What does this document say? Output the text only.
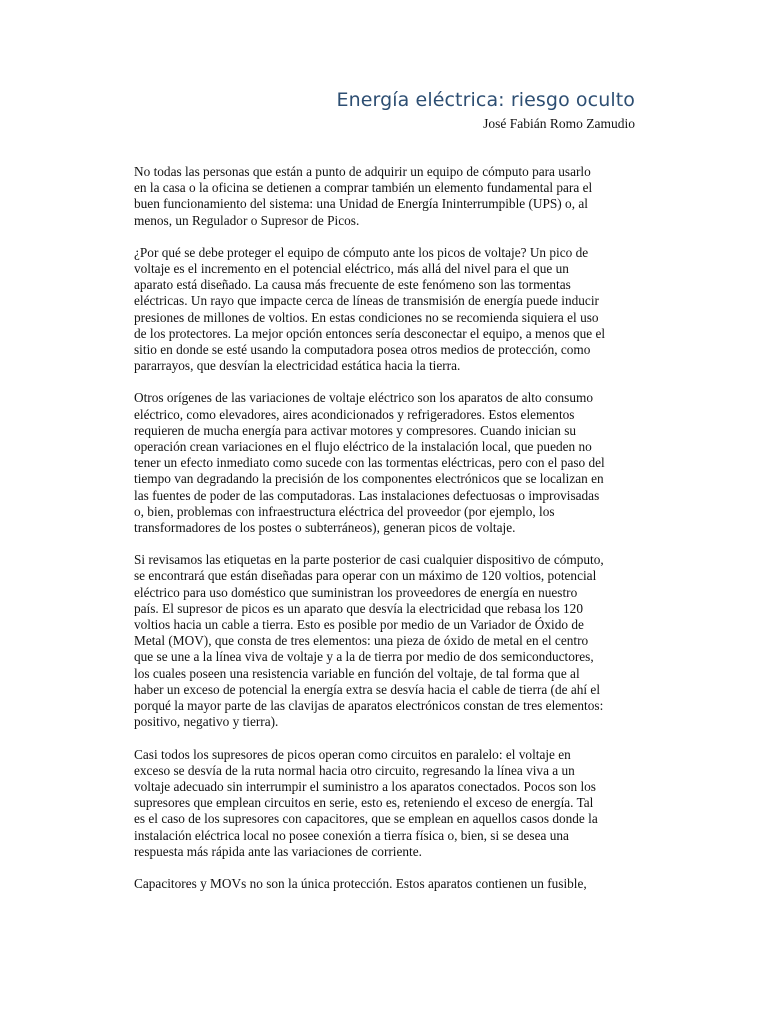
Energía eléctrica: riesgo oculto
José Fabián Romo Zamudio
No todas las personas que están a punto de adquirir un equipo de cómputo para usarlo
en la casa o la oficina se detienen a comprar también un elemento fundamental para el
buen funcionamiento del sistema: una Unidad de Energía Ininterrumpible (UPS) o, al
menos, un Regulador o Supresor de Picos.
¿Por qué se debe proteger el equipo de cómputo ante los picos de voltaje? Un pico de
voltaje es el incremento en el potencial eléctrico, más allá del nivel para el que un
aparato está diseñado. La causa más frecuente de este fenómeno son las tormentas
eléctricas. Un rayo que impacte cerca de líneas de transmisión de energía puede inducir
presiones de millones de voltios. En estas condiciones no se recomienda siquiera el uso
de los protectores. La mejor opción entonces sería desconectar el equipo, a menos que el
sitio en donde se esté usando la computadora posea otros medios de protección, como
pararrayos, que desvían la electricidad estática hacia la tierra.
Otros orígenes de las variaciones de voltaje eléctrico son los aparatos de alto consumo
eléctrico, como elevadores, aires acondicionados y refrigeradores. Estos elementos
requieren de mucha energía para activar motores y compresores. Cuando inician su
operación crean variaciones en el flujo eléctrico de la instalación local, que pueden no
tener un efecto inmediato como sucede con las tormentas eléctricas, pero con el paso del
tiempo van degradando la precisión de los componentes electrónicos que se localizan en
las fuentes de poder de las computadoras. Las instalaciones defectuosas o improvisadas
o, bien, problemas con infraestructura eléctrica del proveedor (por ejemplo, los
transformadores de los postes o subterráneos), generan picos de voltaje.
Si revisamos las etiquetas en la parte posterior de casi cualquier dispositivo de cómputo,
se encontrará que están diseñadas para operar con un máximo de 120 voltios, potencial
eléctrico para uso doméstico que suministran los proveedores de energía en nuestro
país. El supresor de picos es un aparato que desvía la electricidad que rebasa los 120
voltios hacia un cable a tierra. Esto es posible por medio de un Variador de Óxido de
Metal (MOV), que consta de tres elementos: una pieza de óxido de metal en el centro
que se une a la línea viva de voltaje y a la de tierra por medio de dos semiconductores,
los cuales poseen una resistencia variable en función del voltaje, de tal forma que al
haber un exceso de potencial la energía extra se desvía hacia el cable de tierra (de ahí el
porqué la mayor parte de las clavijas de aparatos electrónicos constan de tres elementos:
positivo, negativo y tierra).
Casi todos los supresores de picos operan como circuitos en paralelo: el voltaje en
exceso se desvía de la ruta normal hacia otro circuito, regresando la línea viva a un
voltaje adecuado sin interrumpir el suministro a los aparatos conectados. Pocos son los
supresores que emplean circuitos en serie, esto es, reteniendo el exceso de energía. Tal
es el caso de los supresores con capacitores, que se emplean en aquellos casos donde la
instalación eléctrica local no posee conexión a tierra física o, bien, si se desea una
respuesta más rápida ante las variaciones de corriente.
Capacitores y MOVs no son la única protección. Estos aparatos contienen un fusible,
